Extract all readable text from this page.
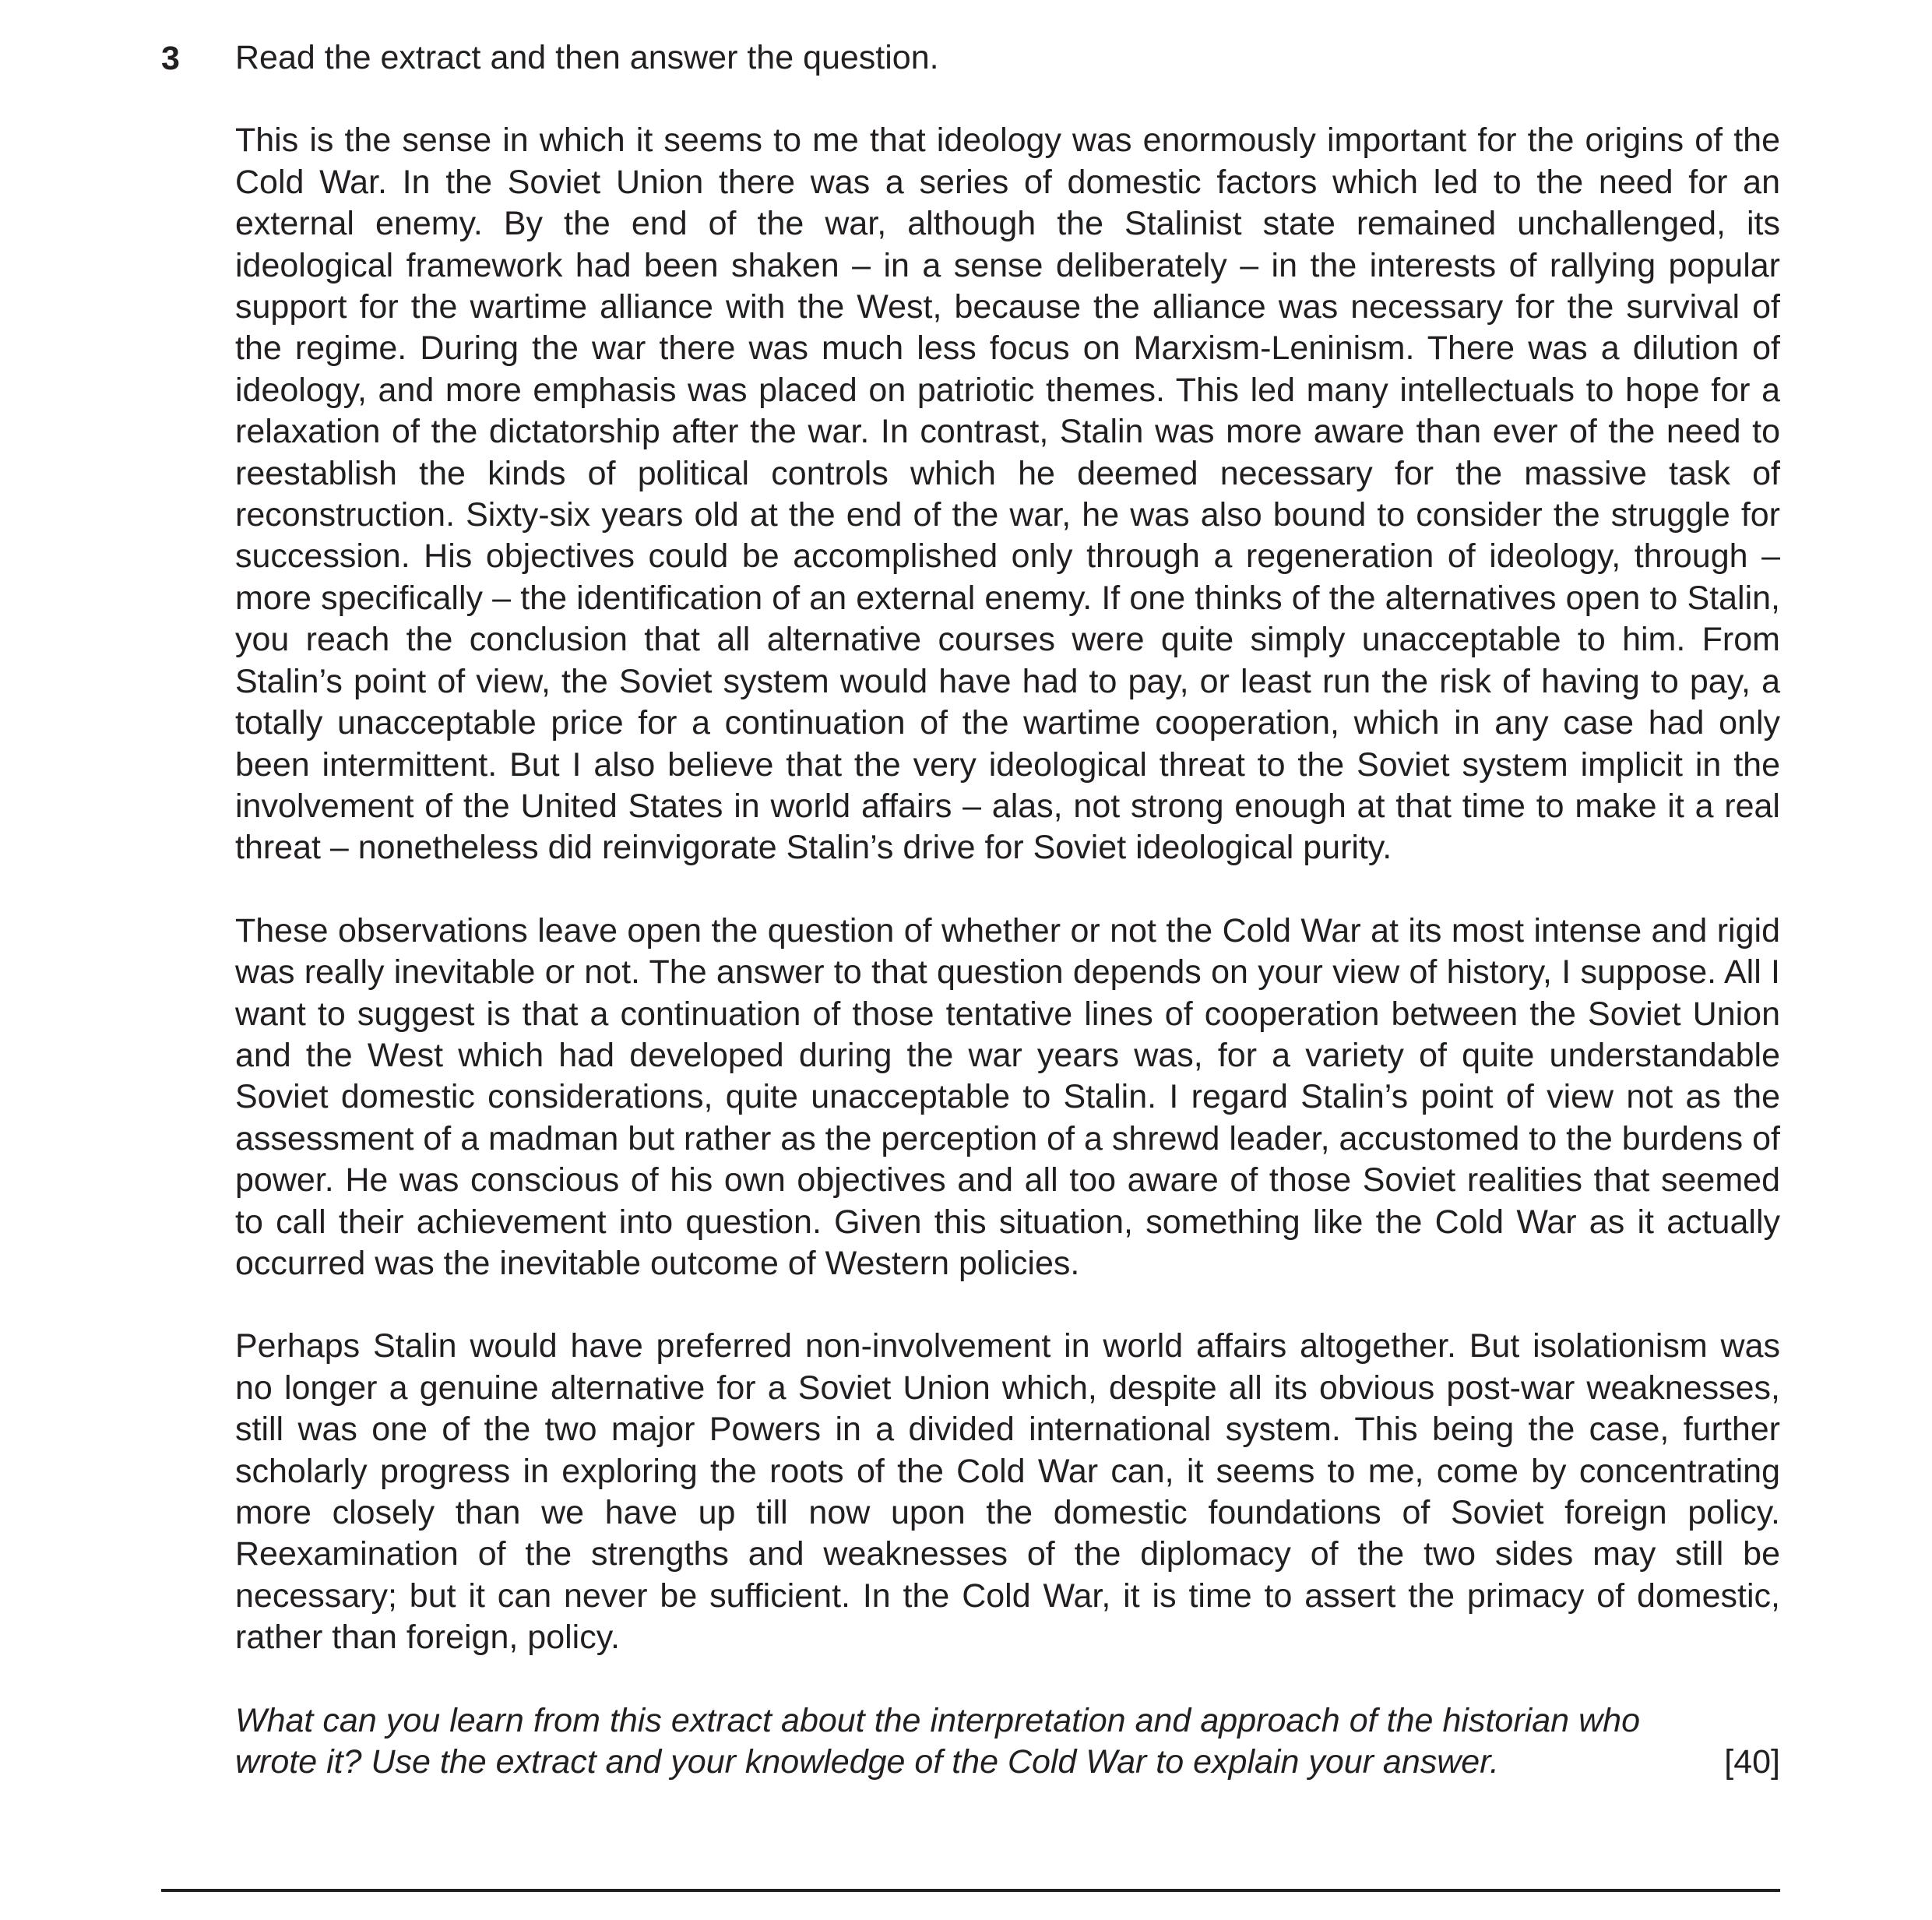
3 Read the extract and then answer the question.

This is the sense in which it seems to me that ideology was enormously important for the origins of the Cold War. In the Soviet Union there was a series of domestic factors which led to the need for an external enemy. By the end of the war, although the Stalinist state remained unchallenged, its ideological framework had been shaken – in a sense deliberately – in the interests of rallying popular support for the wartime alliance with the West, because the alliance was necessary for the survival of the regime. During the war there was much less focus on Marxism-Leninism. There was a dilution of ideology, and more emphasis was placed on patriotic themes. This led many intellectuals to hope for a relaxation of the dictatorship after the war. In contrast, Stalin was more aware than ever of the need to reestablish the kinds of political controls which he deemed necessary for the massive task of reconstruction. Sixty-six years old at the end of the war, he was also bound to consider the struggle for succession. His objectives could be accomplished only through a regeneration of ideology, through – more specifically – the identification of an external enemy. If one thinks of the alternatives open to Stalin, you reach the conclusion that all alternative courses were quite simply unacceptable to him. From Stalin’s point of view, the Soviet system would have had to pay, or least run the risk of having to pay, a totally unacceptable price for a continuation of the wartime cooperation, which in any case had only been intermittent. But I also believe that the very ideological threat to the Soviet system implicit in the involvement of the United States in world affairs – alas, not strong enough at that time to make it a real threat – nonetheless did reinvigorate Stalin’s drive for Soviet ideological purity.

These observations leave open the question of whether or not the Cold War at its most intense and rigid was really inevitable or not. The answer to that question depends on your view of history, I suppose. All I want to suggest is that a continuation of those tentative lines of cooperation between the Soviet Union and the West which had developed during the war years was, for a variety of quite understandable Soviet domestic considerations, quite unacceptable to Stalin. I regard Stalin’s point of view not as the assessment of a madman but rather as the perception of a shrewd leader, accustomed to the burdens of power. He was conscious of his own objectives and all too aware of those Soviet realities that seemed to call their achievement into question. Given this situation, something like the Cold War as it actually occurred was the inevitable outcome of Western policies.

Perhaps Stalin would have preferred non-involvement in world affairs altogether. But isolationism was no longer a genuine alternative for a Soviet Union which, despite all its obvious post-war weaknesses, still was one of the two major Powers in a divided international system. This being the case, further scholarly progress in exploring the roots of the Cold War can, it seems to me, come by concentrating more closely than we have up till now upon the domestic foundations of Soviet foreign policy. Reexamination of the strengths and weaknesses of the diplomacy of the two sides may still be necessary; but it can never be sufficient. In the Cold War, it is time to assert the primacy of domestic, rather than foreign, policy.

What can you learn from this extract about the interpretation and approach of the historian who wrote it? Use the extract and your knowledge of the Cold War to explain your answer.	[40]
